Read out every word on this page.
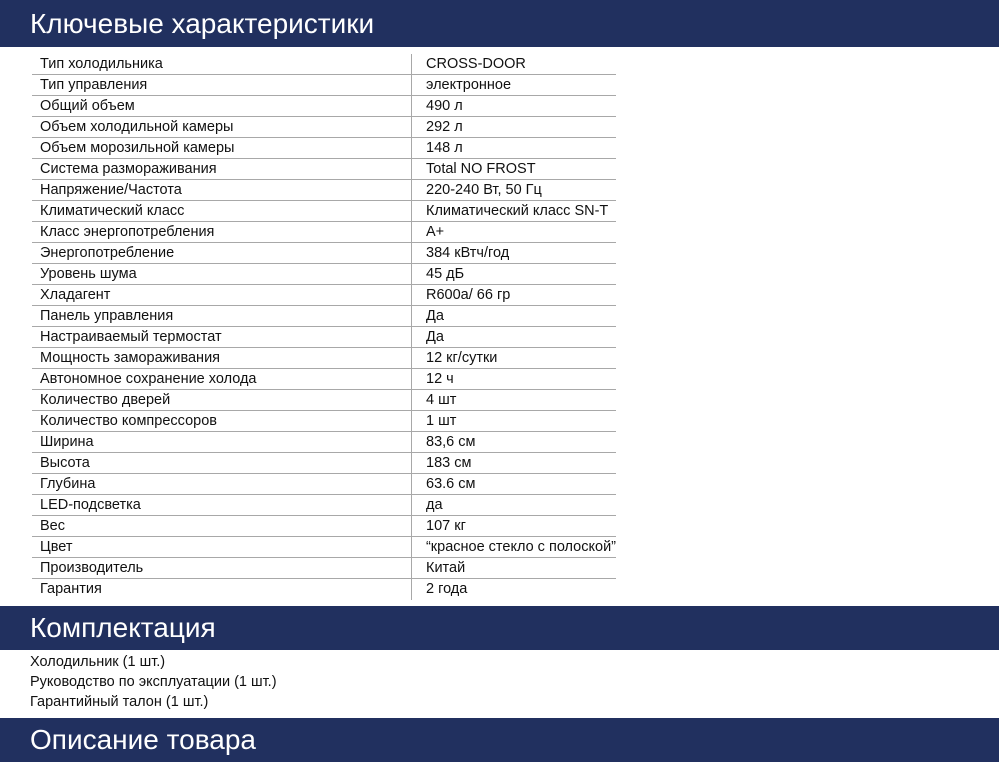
Ключевые характеристики
Тип холодильника	CROSS-DOOR
Тип управления	электронное
Общий объем	490 л
Объем холодильной камеры	292 л
Объем морозильной камеры	148 л
Система размораживания	Total NO FROST
Напряжение/Частота	220-240 Вт, 50 Гц
Климатический класс	Климатический класс SN-T
Класс энергопотребления	A+
Энергопотребление	384 кВтч/год
Уровень шума	45 дБ
Хладагент	R600a/ 66 гр
Панель управления	Да
Настраиваемый термостат	Да
Мощность замораживания	12 кг/сутки
Автономное сохранение холода	12 ч
Количество дверей	4 шт
Количество компрессоров	1 шт
Ширина	83,6 см
Высота	183 см
Глубина	63.6 см
LED-подсветка	да
Вес	107 кг
Цвет	“красное стекло с полоской”
Производитель	Китай
Гарантия	2 года
Комплектация
Холодильник (1 шт.)
Руководство по эксплуатации (1 шт.)
Гарантийный талон (1 шт.)
Описание товара
